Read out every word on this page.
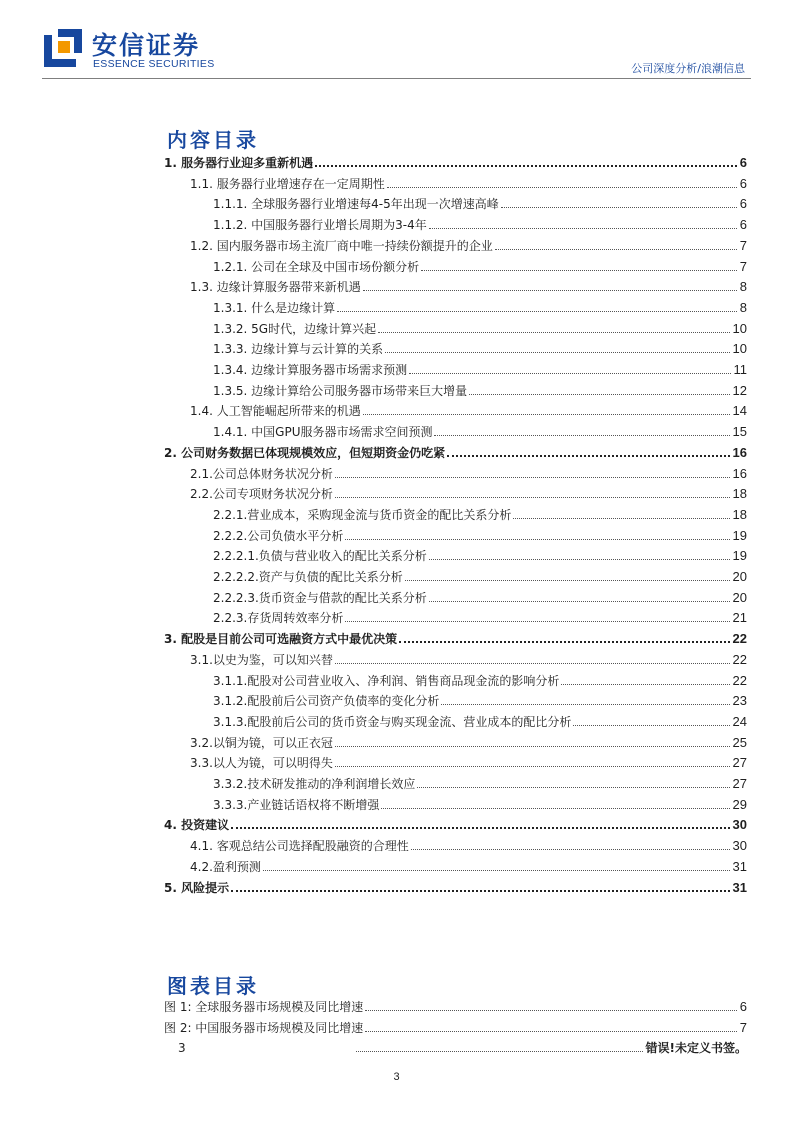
安信证券
ESSENCE SECURITIES	公司深度分析/浪潮信息
内容目录
1. 服务器行业迎多重新机遇	6
1.1. 服务器行业增速存在一定周期性	6
1.1.1. 全球服务器行业增速每4-5年出现一次增速高峰	6
1.1.2. 中国服务器行业增长周期为3-4年	6
1.2. 国内服务器市场主流厂商中唯一持续份额提升的企业	7
1.2.1. 公司在全球及中国市场份额分析	7
1.3. 边缘计算服务器带来新机遇	8
1.3.1. 什么是边缘计算	8
1.3.2. 5G时代，边缘计算兴起	10
1.3.3. 边缘计算与云计算的关系	10
1.3.4. 边缘计算服务器市场需求预测	11
1.3.5. 边缘计算给公司服务器市场带来巨大增量	12
1.4. 人工智能崛起所带来的机遇	14
1.4.1. 中国GPU服务器市场需求空间预测	15
2. 公司财务数据已体现规模效应，但短期资金仍吃紧	16
2.1.公司总体财务状况分析	16
2.2.公司专项财务状况分析	18
2.2.1.营业成本，采购现金流与货币资金的配比关系分析	18
2.2.2.公司负债水平分析	19
2.2.2.1.负债与营业收入的配比关系分析	19
2.2.2.2.资产与负债的配比关系分析	20
2.2.2.3.货币资金与借款的配比关系分析	20
2.2.3.存货周转效率分析	21
3. 配股是目前公司可选融资方式中最优决策	22
3.1.以史为鉴，可以知兴替	22
3.1.1.配股对公司营业收入、净利润、销售商品现金流的影响分析	22
3.1.2.配股前后公司资产负债率的变化分析	23
3.1.3.配股前后公司的货币资金与购买现金流、营业成本的配比分析	24
3.2.以铜为镜，可以正衣冠	25
3.3.以人为镜，可以明得失	27
3.3.2.技术研发推动的净利润增长效应	27
3.3.3.产业链话语权将不断增强	29
4. 投资建议	30
4.1. 客观总结公司选择配股融资的合理性	30
4.2.盈利预测	31
5. 风险提示	31
图表目录
图 1: 全球服务器市场规模及同比增速	6
图 2: 中国服务器市场规模及同比增速	7
3	错误!未定义书签。
3
